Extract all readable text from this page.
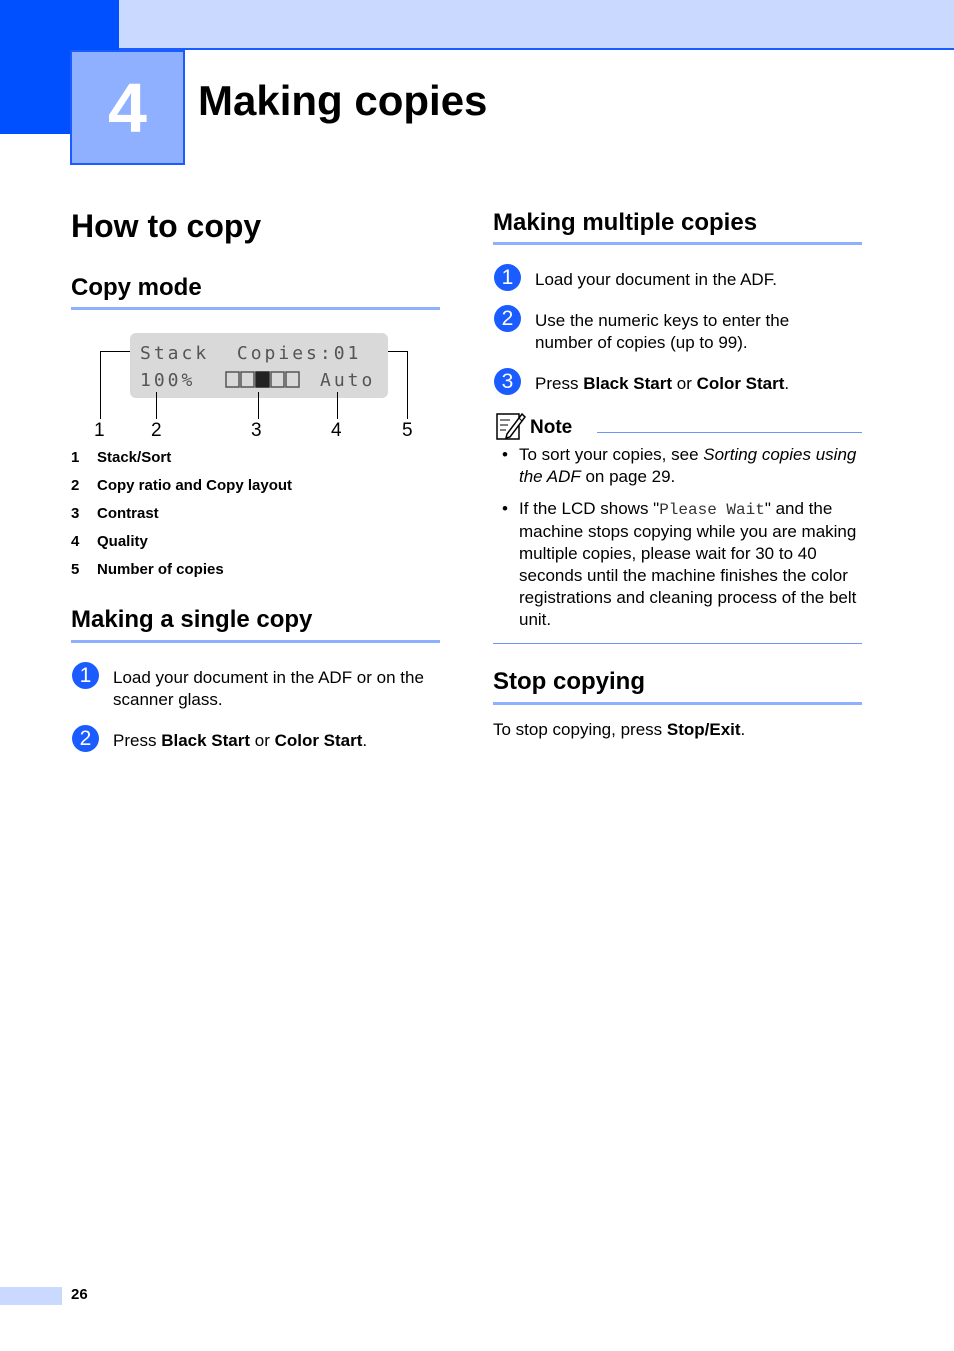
4	Making copies
How to copy
Copy mode
Stack  Copies:01
100%	Auto
1 2	3	4	5
1 Stack/Sort
2 Copy ratio and Copy layout
3 Contrast
4 Quality
5 Number of copies
Making a single copy
1	Load your document in the ADF or on the scanner glass.
2	Press Black Start or Color Start.
Making multiple copies
1	Load your document in the ADF.
2	Use the numeric keys to enter the number of copies (up to 99).
3	Press Black Start or Color Start.
Note
• To sort your copies, see Sorting copies using the ADF on page 29.
• If the LCD shows "Please Wait" and the machine stops copying while you are making multiple copies, please wait for 30 to 40 seconds until the machine finishes the color registrations and cleaning process of the belt unit.
Stop copying
To stop copying, press Stop/Exit.
26
